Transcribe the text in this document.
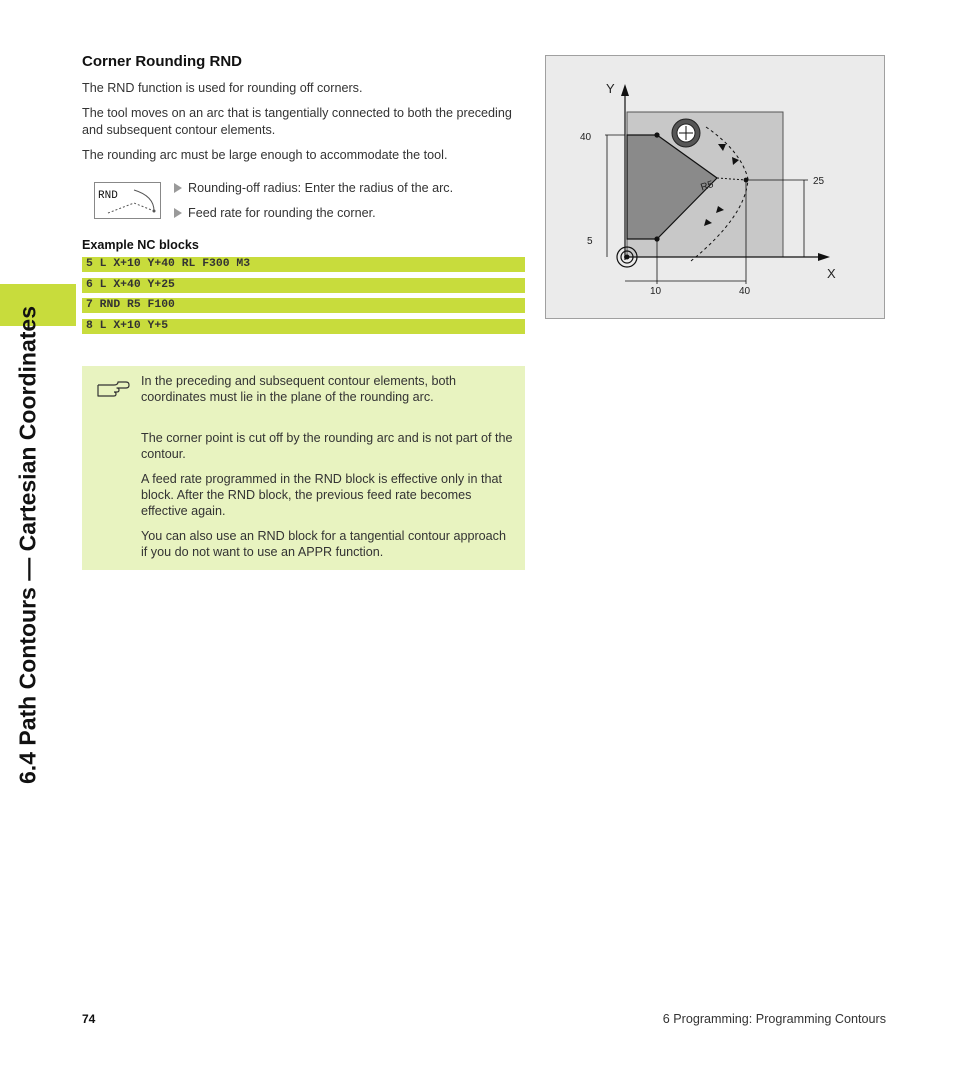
6.4 Path Contours — Cartesian Coordinates
Corner Rounding RND
The RND function is used for rounding off corners.
The tool moves on an arc that is tangentially connected to both the preceding and subsequent contour elements.
The rounding arc must be large enough to accommodate the tool.
RND
Rounding-off radius: Enter the radius of the arc.
Feed rate for rounding the corner.
Example NC blocks
5 L X+10 Y+40 RL F300 M3
6 L X+40 Y+25
7 RND R5 F100
8 L X+10 Y+5
Y
X
40
5
25
10	40
R5
In the preceding and subsequent contour elements, both coordinates must lie in the plane of the rounding arc.
The corner point is cut off by the rounding arc and is not part of the contour.
A feed rate programmed in the RND block is effective only in that block. After the RND block, the previous feed rate becomes effective again.
You can also use an RND block for a tangential contour approach if you do not want to use an APPR function.
74	6 Programming: Programming Contours
